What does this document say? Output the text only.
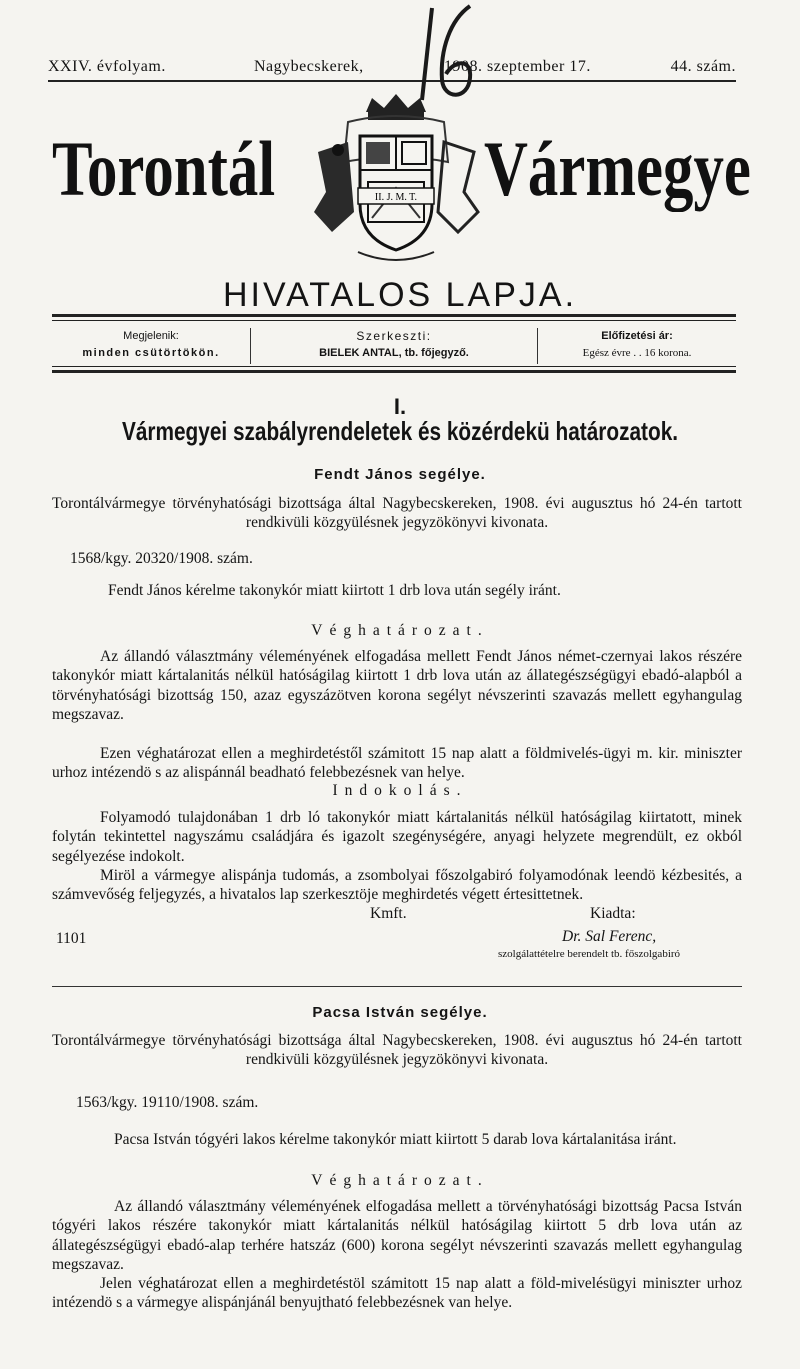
XXIV. évfolyam.	Nagybecskerek,	1908. szeptember 17.	44. szám.
Torontál	II. J. M. T. Vármegye
HIVATALOS LAPJA.
Megjelenik:
minden csütörtökön.
Szerkeszti:
BIELEK ANTAL, tb. főjegyző.
Előfizetési ár:
Egész évre . . 16 korona.
I.
Vármegyei szabályrendeletek és közérdekü határozatok.
Fendt János segélye.
Torontálvármegye törvényhatósági bizottsága által Nagybecskereken, 1908. évi augusztus hó 24-én tartott rendkivüli közgyülésnek jegyzökönyvi kivonata.
1568/kgy. 20320/1908. szám.
Fendt János kérelme takonykór miatt kiirtott 1 drb lova után segély iránt.
Véghatározat.
Az állandó választmány véleményének elfogadása mellett Fendt János német-czernyai lakos részére takonykór miatt kártalanitás nélkül hatóságilag kiirtott 1 drb lova után az állategészségügyi ebadó-alapból a törvényhatósági bizottság 150, azaz egyszázötven korona segélyt névszerinti szavazás mellett egyhangulag megszavaz.
Ezen véghatározat ellen a meghirdetéstől számitott 15 nap alatt a földmivelés-ügyi m. kir. miniszter urhoz intézendö s az alispánnál beadható felebbezésnek van helye.
Indokolás.
Folyamodó tulajdonában 1 drb ló takonykór miatt kártalanitás nélkül hatóságilag kiirtatott, minek folytán tekintettel nagyszámu családjára és igazolt szegénységére, anyagi helyzete megrendült, ez okból segélyezése indokolt.
Miröl a vármegye alispánja tudomás, a zsombolyai főszolgabiró folyamodónak leendö kézbesités, a számvevőség feljegyzés, a hivatalos lap szerkesztöje meghirdetés végett értesittetnek.
Kmft.	Kiadta:
1101	Dr. Sal Ferenc,
szolgálattételre berendelt tb. főszolgabiró
Pacsa István segélye.
Torontálvármegye törvényhatósági bizottsága által Nagybecskereken, 1908. évi augusztus hó 24-én tartott rendkivüli közgyülésnek jegyzökönyvi kivonata.
1563/kgy. 19110/1908. szám.
Pacsa István tógyéri lakos kérelme takonykór miatt kiirtott 5 darab lova kártalanitása iránt.
Véghatározat.
Az állandó választmány véleményének elfogadása mellett a törvényhatósági bizottság Pacsa István tógyéri lakos részére takonykór miatt kártalanitás nélkül hatóságilag kiirtott 5 drb lova után az állategészségügyi ebadó-alap terhére hatszáz (600) korona segélyt névszerinti szavazás mellett egyhangulag megszavaz.
Jelen véghatározat ellen a meghirdetéstöl számitott 15 nap alatt a föld-mivelésügyi miniszter urhoz intézendö s a vármegye alispánjánál benyujtható felebbezésnek van helye.
